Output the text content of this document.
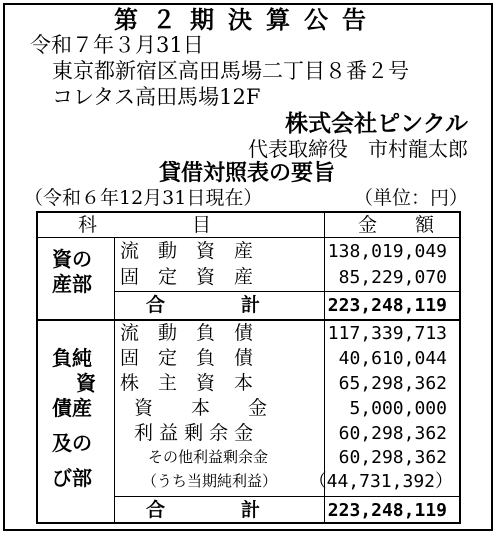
第２期決算公告
令和７年３月31日
東京都新宿区高田馬場二丁目８番２号
コレタス高田馬場12F
株式会社ピンクル
代表取締役　市村龍太郎
貸借対照表の要旨
（令和６年12月31日現在）	（単位：円）
科　　　　　目	金　　額
資の
産部
流　動　資　産	138,019,049
固　定　資　産	85,229,070
合　　　　計	223,248,119
負純
資
債産
及の
び部
流　動　負　債	117,339,713
固　定　負　債	40,610,044
株　主　資　本	65,298,362
資　　本　　金	5,000,000
利 益 剰 余 金	60,298,362
その他利益剰余金	60,298,362
（うち当期純利益） （44,731,392）
合　　　　計	223,248,119
